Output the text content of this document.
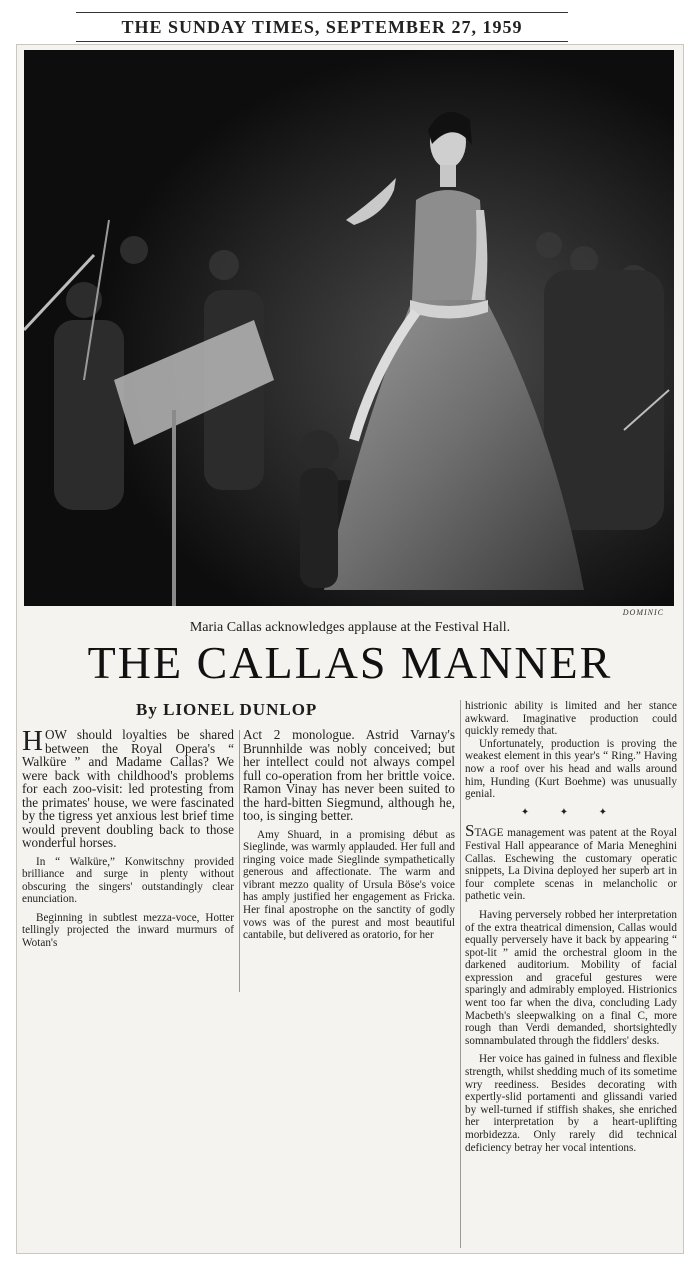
THE SUNDAY TIMES, SEPTEMBER 27, 1959
DOMINIC
Maria Callas acknowledges applause at the Festival Hall.
THE CALLAS MANNER
By LIONEL DUNLOP

HOW should loyalties be shared between the Royal Opera's “ Walküre ” and Madame Callas? We were back with childhood's problems for each zoo-visit: led protesting from the primates' house, we were fascinated by the tigress yet anxious lest brief time would prevent doubling back to those wonderful horses.

In “ Walküre,” Konwitschny provided brilliance and surge in plenty without obscuring the singers' outstandingly clear enunciation.

Beginning in subtlest mezza-voce, Hotter tellingly projected the inward murmurs of Wotan's

Act 2 monologue. Astrid Varnay's Brunnhilde was nobly conceived; but her intellect could not always compel full co-operation from her brittle voice. Ramon Vinay has never been suited to the hard-bitten Siegmund, although he, too, is singing better.

Amy Shuard, in a promising début as Sieglinde, was warmly applauded. Her full and ringing voice made Sieglinde sympathetically generous and affectionate. The warm and vibrant mezzo quality of Ursula Böse's voice has amply justified her engagement as Fricka. Her final apostrophe on the sanctity of godly vows was of the purest and most beautiful cantabile, but delivered as oratorio, for her

histrionic ability is limited and her stance awkward. Imaginative production could quickly remedy that.

Unfortunately, production is proving the weakest element in this year's “ Ring.” Having now a roof over his head and walls around him, Hunding (Kurt Boehme) was unusually genial.

✦ ✦ ✦

STAGE management was patent at the Royal Festival Hall appearance of Maria Meneghini Callas. Eschewing the customary operatic snippets, La Divina deployed her superb art in four complete scenas in melancholic or pathetic vein.

Having perversely robbed her interpretation of the extra theatrical dimension, Callas would equally perversely have it back by appearing “ spot-lit ” amid the orchestral gloom in the darkened auditorium. Mobility of facial expression and graceful gestures were sparingly and admirably employed. Histrionics went too far when the diva, concluding Lady Macbeth's sleepwalking on a final C, more rough than Verdi demanded, shortsightedly somnambulated through the fiddlers' desks.

Her voice has gained in fulness and flexible strength, whilst shedding much of its sometime wry reediness. Besides decorating with expertly-slid portamenti and glissandi varied by well-turned if stiffish shakes, she enriched her interpretation by a heart-uplifting morbidezza. Only rarely did technical deficiency betray her vocal intentions.
